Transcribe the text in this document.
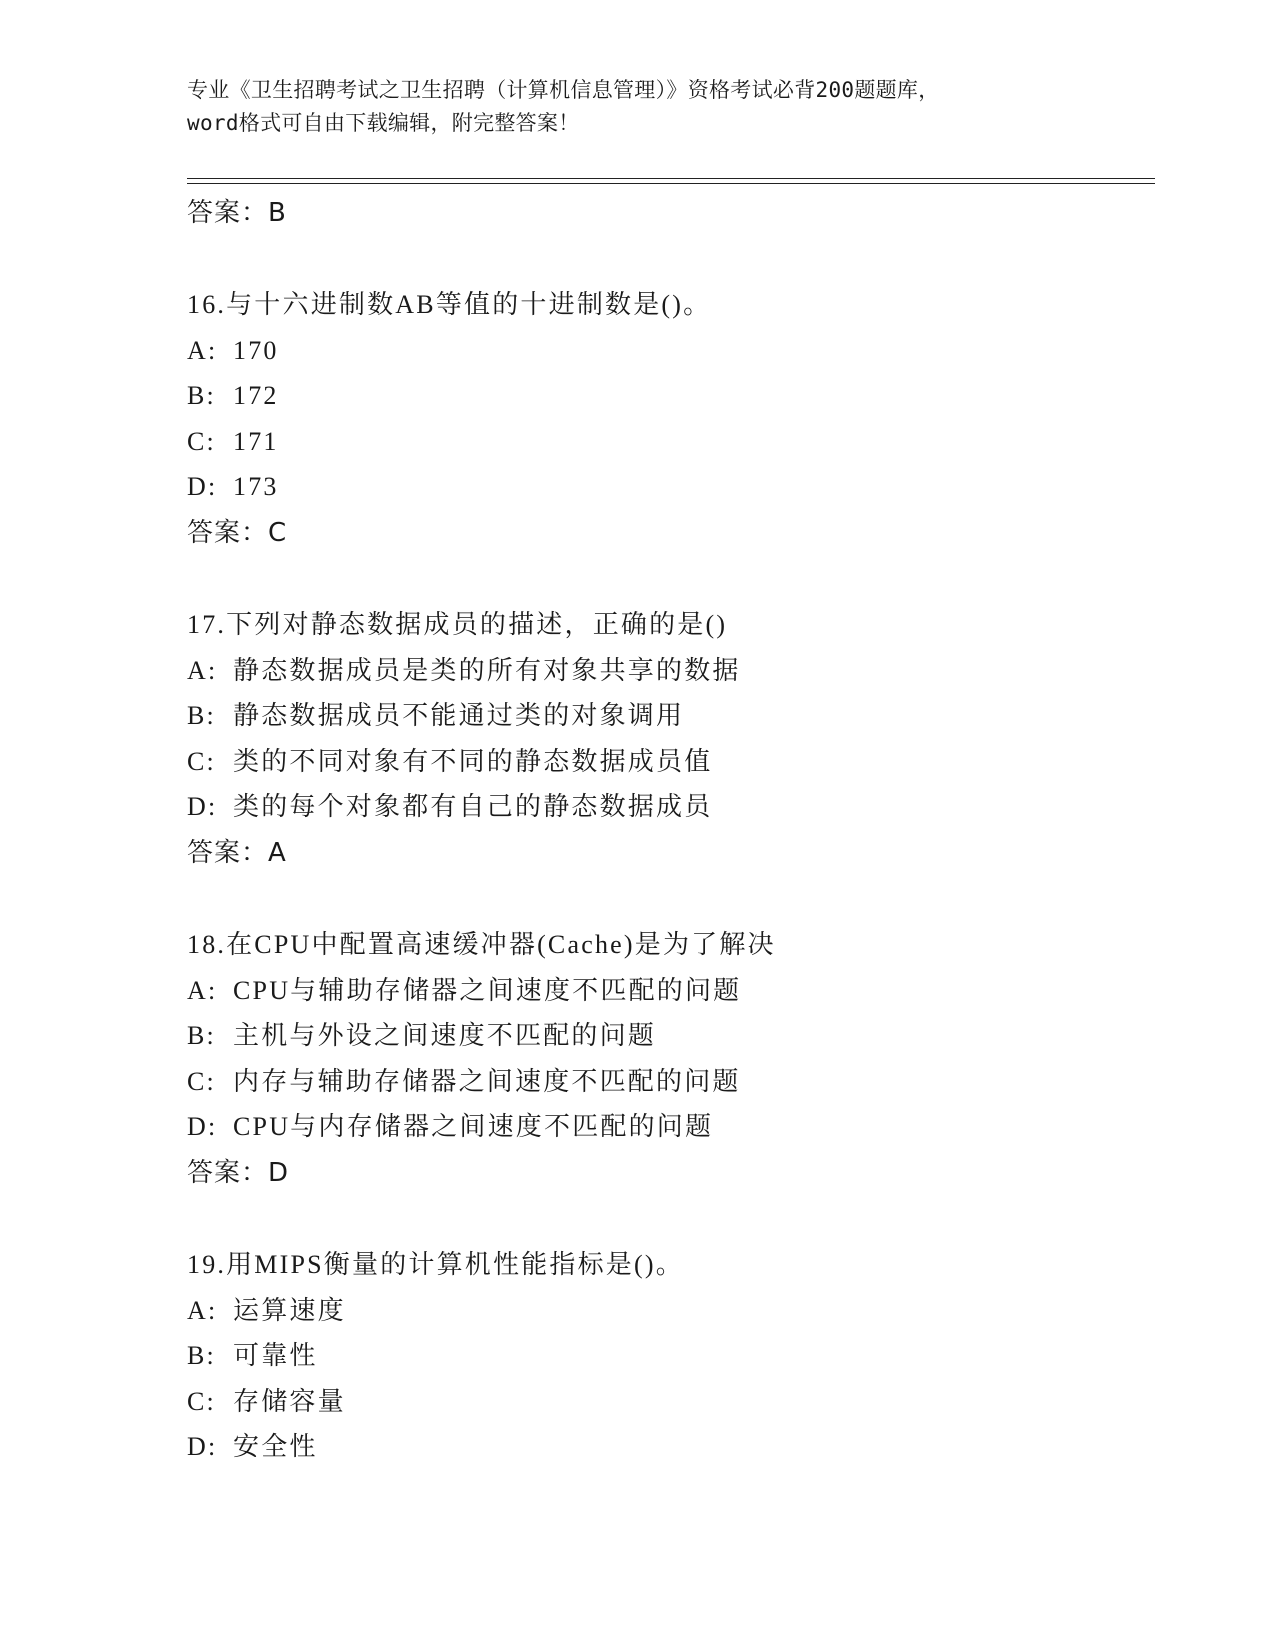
专业《卫生招聘考试之卫生招聘（计算机信息管理）》资格考试必背200题题库，
word格式可自由下载编辑，附完整答案！
答案：B
16.与十六进制数AB等值的十进制数是()。
A: 170
B: 172
C: 171
D: 173
答案：C
17.下列对静态数据成员的描述，正确的是()
A: 静态数据成员是类的所有对象共享的数据
B: 静态数据成员不能通过类的对象调用
C: 类的不同对象有不同的静态数据成员值
D: 类的每个对象都有自己的静态数据成员
答案：A
18.在CPU中配置高速缓冲器(Cache)是为了解决
A: CPU与辅助存储器之间速度不匹配的问题
B: 主机与外设之间速度不匹配的问题
C: 内存与辅助存储器之间速度不匹配的问题
D: CPU与内存储器之间速度不匹配的问题
答案：D
19.用MIPS衡量的计算机性能指标是()。
A: 运算速度
B: 可靠性
C: 存储容量
D: 安全性
